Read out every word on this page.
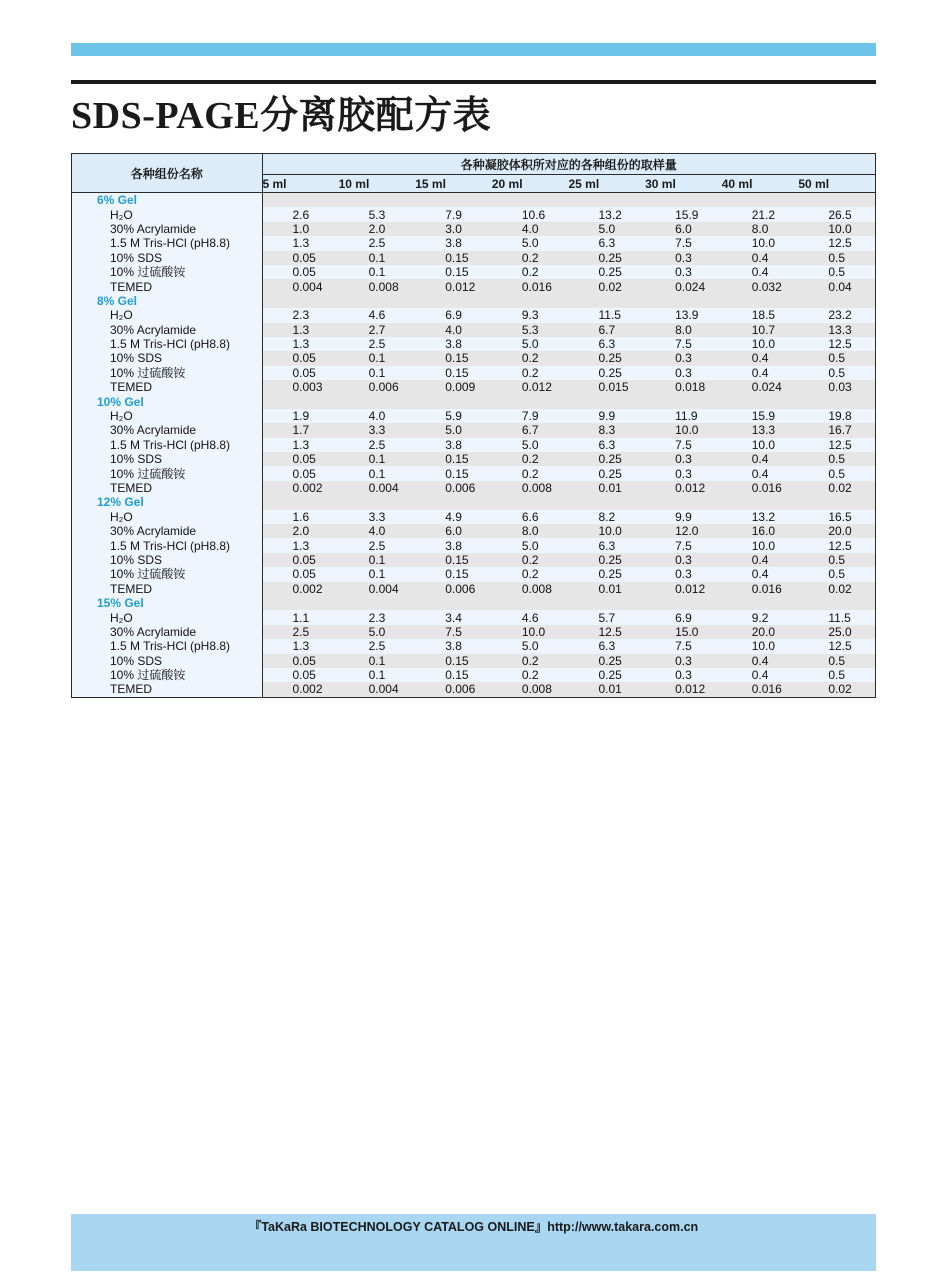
SDS-PAGE分离胶配方表
各种组份名称	各种凝胶体积所对应的各种组份的取样量							
	5 ml	10 ml	15 ml	20 ml	25 ml	30 ml	40 ml	50 ml
6% Gel								
H₂O	2.6	5.3	7.9	10.6	13.2	15.9	21.2	26.5
30% Acrylamide	1.0	2.0	3.0	4.0	5.0	6.0	8.0	10.0
1.5 M Tris-HCl (pH8.8)	1.3	2.5	3.8	5.0	6.3	7.5	10.0	12.5
10% SDS	0.05	0.1	0.15	0.2	0.25	0.3	0.4	0.5
10% 过硫酸铵	0.05	0.1	0.15	0.2	0.25	0.3	0.4	0.5
TEMED	0.004	0.008	0.012	0.016	0.02	0.024	0.032	0.04
8% Gel								
H₂O	2.3	4.6	6.9	9.3	11.5	13.9	18.5	23.2
30% Acrylamide	1.3	2.7	4.0	5.3	6.7	8.0	10.7	13.3
1.5 M Tris-HCl (pH8.8)	1.3	2.5	3.8	5.0	6.3	7.5	10.0	12.5
10% SDS	0.05	0.1	0.15	0.2	0.25	0.3	0.4	0.5
10% 过硫酸铵	0.05	0.1	0.15	0.2	0.25	0.3	0.4	0.5
TEMED	0.003	0.006	0.009	0.012	0.015	0.018	0.024	0.03
10% Gel								
H₂O	1.9	4.0	5.9	7.9	9.9	11.9	15.9	19.8
30% Acrylamide	1.7	3.3	5.0	6.7	8.3	10.0	13.3	16.7
1.5 M Tris-HCl (pH8.8)	1.3	2.5	3.8	5.0	6.3	7.5	10.0	12.5
10% SDS	0.05	0.1	0.15	0.2	0.25	0.3	0.4	0.5
10% 过硫酸铵	0.05	0.1	0.15	0.2	0.25	0.3	0.4	0.5
TEMED	0.002	0.004	0.006	0.008	0.01	0.012	0.016	0.02
12% Gel								
H₂O	1.6	3.3	4.9	6.6	8.2	9.9	13.2	16.5
30% Acrylamide	2.0	4.0	6.0	8.0	10.0	12.0	16.0	20.0
1.5 M Tris-HCl (pH8.8)	1.3	2.5	3.8	5.0	6.3	7.5	10.0	12.5
10% SDS	0.05	0.1	0.15	0.2	0.25	0.3	0.4	0.5
10% 过硫酸铵	0.05	0.1	0.15	0.2	0.25	0.3	0.4	0.5
TEMED	0.002	0.004	0.006	0.008	0.01	0.012	0.016	0.02
15% Gel								
H₂O	1.1	2.3	3.4	4.6	5.7	6.9	9.2	11.5
30% Acrylamide	2.5	5.0	7.5	10.0	12.5	15.0	20.0	25.0
1.5 M Tris-HCl (pH8.8)	1.3	2.5	3.8	5.0	6.3	7.5	10.0	12.5
10% SDS	0.05	0.1	0.15	0.2	0.25	0.3	0.4	0.5
10% 过硫酸铵	0.05	0.1	0.15	0.2	0.25	0.3	0.4	0.5
TEMED	0.002	0.004	0.006	0.008	0.01	0.012	0.016	0.02
『TaKaRa BIOTECHNOLOGY CATALOG ONLINE』http://www.takara.com.cn
